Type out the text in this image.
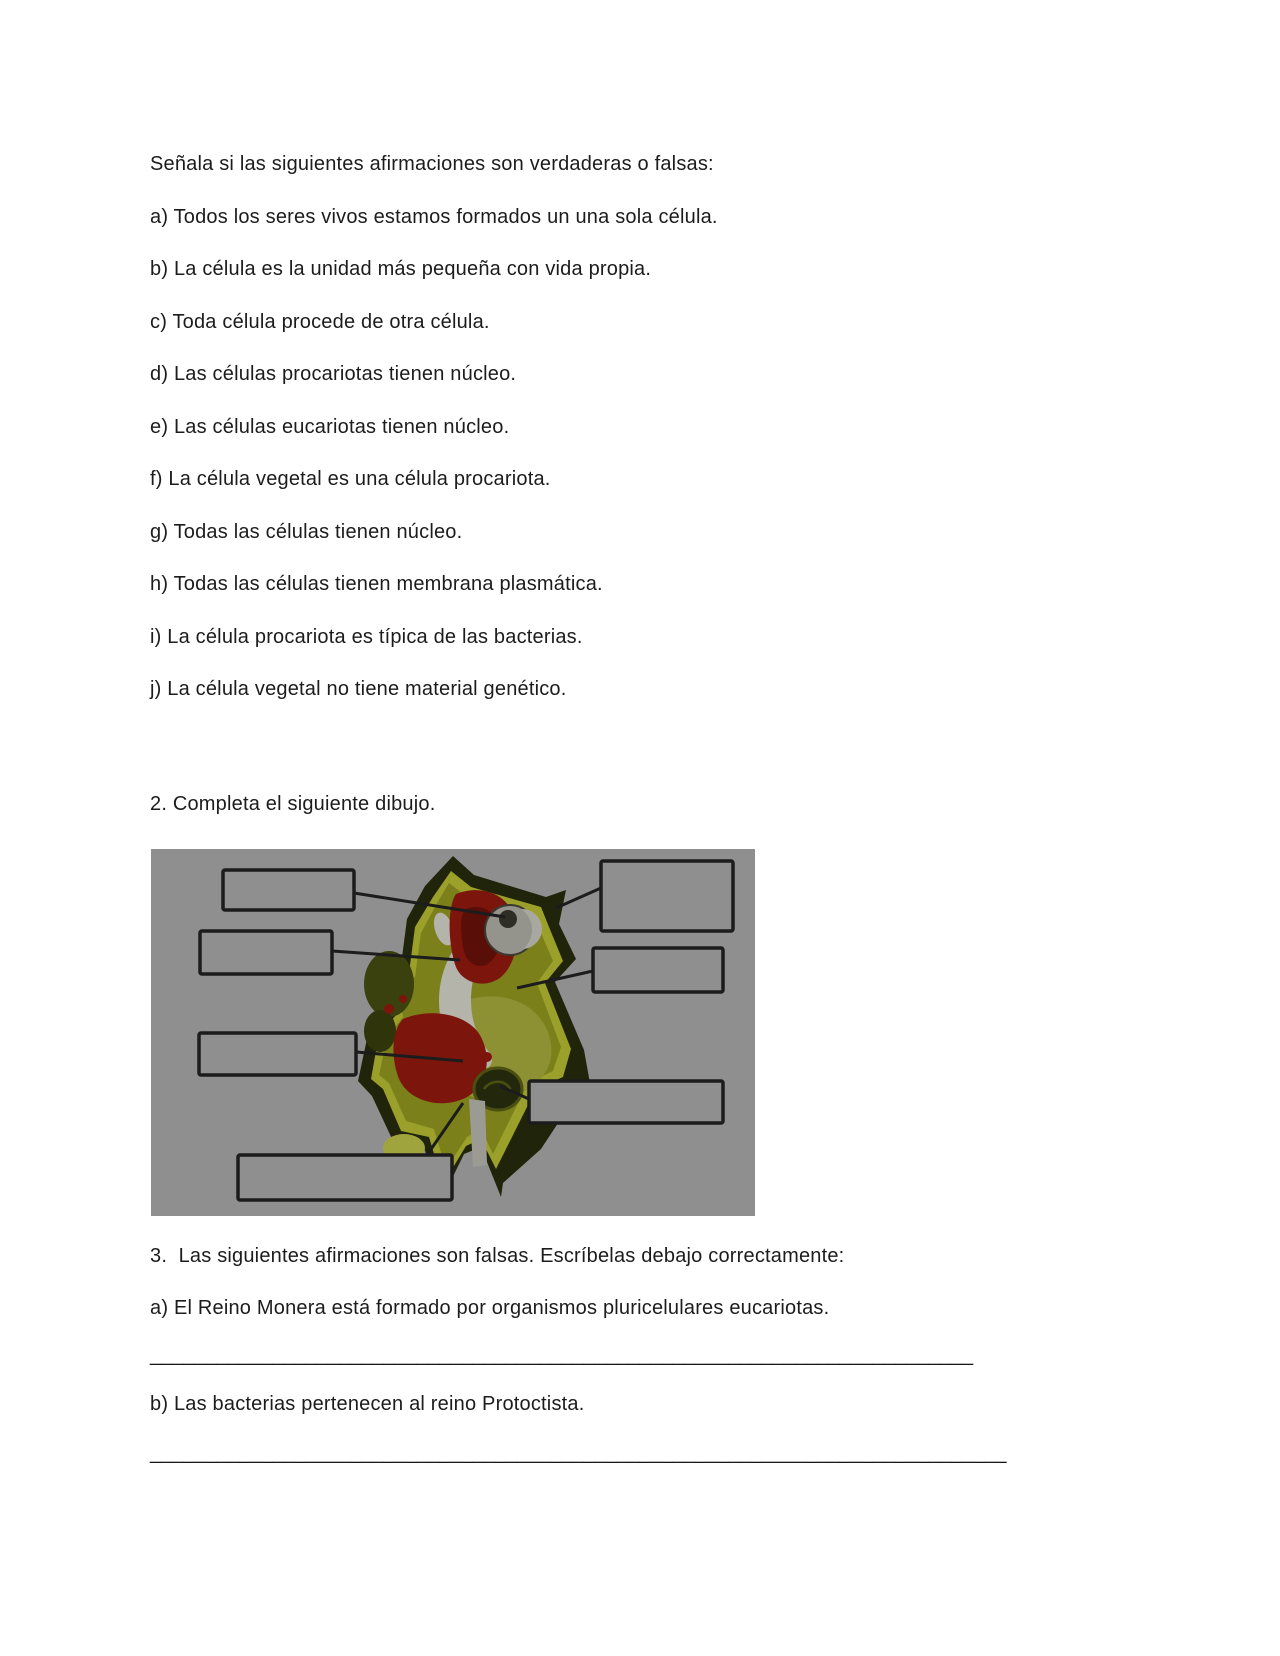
Señala si las siguientes afirmaciones son verdaderas o falsas:

a) Todos los seres vivos estamos formados un una sola célula.

b) La célula es la unidad más pequeña con vida propia.

c) Toda célula procede de otra célula.

d) Las células procariotas tienen núcleo.

e) Las células eucariotas tienen núcleo.

f) La célula vegetal es una célula procariota.

g) Todas las células tienen núcleo.

h) Todas las células tienen membrana plasmática.

i) La célula procariota es típica de las bacterias.

j) La célula vegetal no tiene material genético.

2. Completa el siguiente dibujo.

3.  Las siguientes afirmaciones son falsas. Escríbelas debajo correctamente:

a) El Reino Monera está formado por organismos pluricelulares eucariotas.

__________________________________________________________________________

b) Las bacterias pertenecen al reino Protoctista.

_____________________________________________________________________________
